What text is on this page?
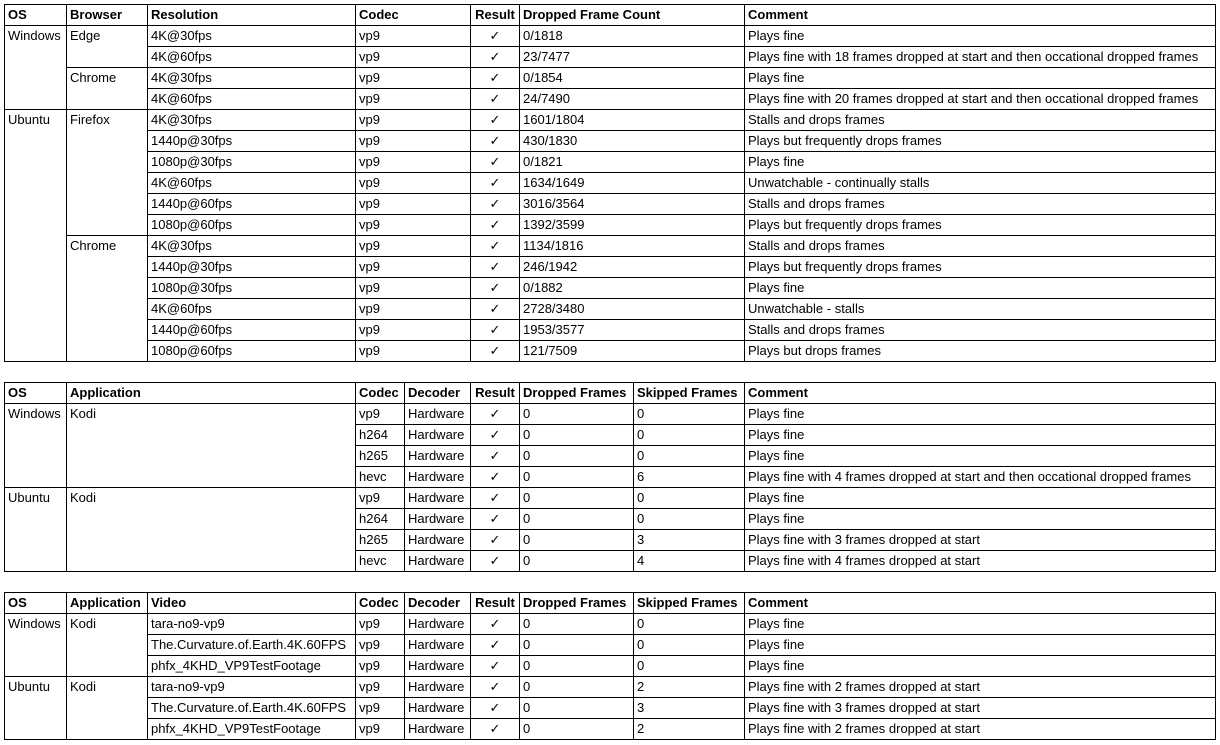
OS	Browser	Resolution	Codec	Result	Dropped Frame Count	Comment
Windows	Edge	4K@30fps	vp9	✓	0/1818	Plays fine
		4K@60fps	vp9	✓	23/7477	Plays fine with 18 frames dropped at start and then occational dropped frames
	Chrome	4K@30fps	vp9	✓	0/1854	Plays fine
		4K@60fps	vp9	✓	24/7490	Plays fine with 20 frames dropped at start and then occational dropped frames
Ubuntu	Firefox	4K@30fps	vp9	✓	1601/1804	Stalls and drops frames
		1440p@30fps	vp9	✓	430/1830	Plays but frequently drops frames
		1080p@30fps	vp9	✓	0/1821	Plays fine
		4K@60fps	vp9	✓	1634/1649	Unwatchable - continually stalls
		1440p@60fps	vp9	✓	3016/3564	Stalls and drops frames
		1080p@60fps	vp9	✓	1392/3599	Plays but frequently drops frames
	Chrome	4K@30fps	vp9	✓	1134/1816	Stalls and drops frames
		1440p@30fps	vp9	✓	246/1942	Plays but frequently drops frames
		1080p@30fps	vp9	✓	0/1882	Plays fine
		4K@60fps	vp9	✓	2728/3480	Unwatchable - stalls
		1440p@60fps	vp9	✓	1953/3577	Stalls and drops frames
		1080p@60fps	vp9	✓	121/7509	Plays but drops frames
OS	Application	Codec	Decoder	Result	Dropped Frames	Skipped Frames	Comment
Windows	Kodi	vp9	Hardware	✓	0	0	Plays fine
		h264	Hardware	✓	0	0	Plays fine
		h265	Hardware	✓	0	0	Plays fine
		hevc	Hardware	✓	0	6	Plays fine with 4 frames dropped at start and then occational dropped frames
Ubuntu	Kodi	vp9	Hardware	✓	0	0	Plays fine
		h264	Hardware	✓	0	0	Plays fine
		h265	Hardware	✓	0	3	Plays fine with 3 frames dropped at start
		hevc	Hardware	✓	0	4	Plays fine with 4 frames dropped at start
OS	Application	Video	Codec	Decoder	Result	Dropped Frames	Skipped Frames	Comment
Windows	Kodi	tara-no9-vp9	vp9	Hardware	✓	0	0	Plays fine
		The.Curvature.of.Earth.4K.60FPS	vp9	Hardware	✓	0	0	Plays fine
		phfx_4KHD_VP9TestFootage	vp9	Hardware	✓	0	0	Plays fine
Ubuntu	Kodi	tara-no9-vp9	vp9	Hardware	✓	0	2	Plays fine with 2 frames dropped at start
		The.Curvature.of.Earth.4K.60FPS	vp9	Hardware	✓	0	3	Plays fine with 3 frames dropped at start
		phfx_4KHD_VP9TestFootage	vp9	Hardware	✓	0	2	Plays fine with 2 frames dropped at start
